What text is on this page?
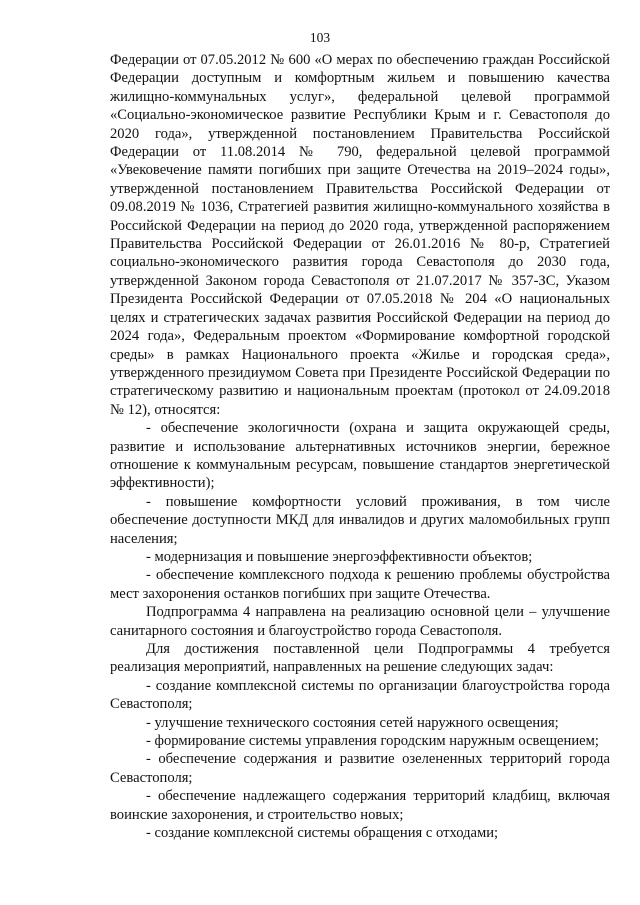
103

Федерации от 07.05.2012 № 600 «О мерах по обеспечению граждан Российской Федерации доступным и комфортным жильем и повышению качества жилищно-коммунальных услуг», федеральной целевой программой «Социально-экономическое развитие Республики Крым и г. Севастополя до 2020 года», утвержденной постановлением Правительства Российской Федерации от 11.08.2014 № 790, федеральной целевой программой «Увековечение памяти погибших при защите Отечества на 2019–2024 годы», утвержденной постановлением Правительства Российской Федерации от 09.08.2019 № 1036, Стратегией развития жилищно-коммунального хозяйства в Российской Федерации на период до 2020 года, утвержденной распоряжением Правительства Российской Федерации от 26.01.2016 № 80-р, Стратегией социально-экономического развития города Севастополя до 2030 года, утвержденной Законом города Севастополя от 21.07.2017 № 357-ЗС, Указом Президента Российской Федерации от 07.05.2018 № 204 «О национальных целях и стратегических задачах развития Российской Федерации на период до 2024 года», Федеральным проектом «Формирование комфортной городской среды» в рамках Национального проекта «Жилье и городская среда», утвержденного президиумом Совета при Президенте Российской Федерации по стратегическому развитию и национальным проектам (протокол от 24.09.2018 № 12), относятся:

- обеспечение экологичности (охрана и защита окружающей среды, развитие и использование альтернативных источников энергии, бережное отношение к коммунальным ресурсам, повышение стандартов энергетической эффективности);

- повышение комфортности условий проживания, в том числе обеспечение доступности МКД для инвалидов и других маломобильных групп населения;

- модернизация и повышение энергоэффективности объектов;

- обеспечение комплексного подхода к решению проблемы обустройства мест захоронения останков погибших при защите Отечества.

Подпрограмма 4 направлена на реализацию основной цели – улучшение санитарного состояния и благоустройство города Севастополя.

Для достижения поставленной цели Подпрограммы 4 требуется реализация мероприятий, направленных на решение следующих задач:

- создание комплексной системы по организации благоустройства города Севастополя;

- улучшение технического состояния сетей наружного освещения;

- формирование системы управления городским наружным освещением;

- обеспечение содержания и развитие озелененных территорий города Севастополя;

- обеспечение надлежащего содержания территорий кладбищ, включая воинские захоронения, и строительство новых;

- создание комплексной системы обращения с отходами;
